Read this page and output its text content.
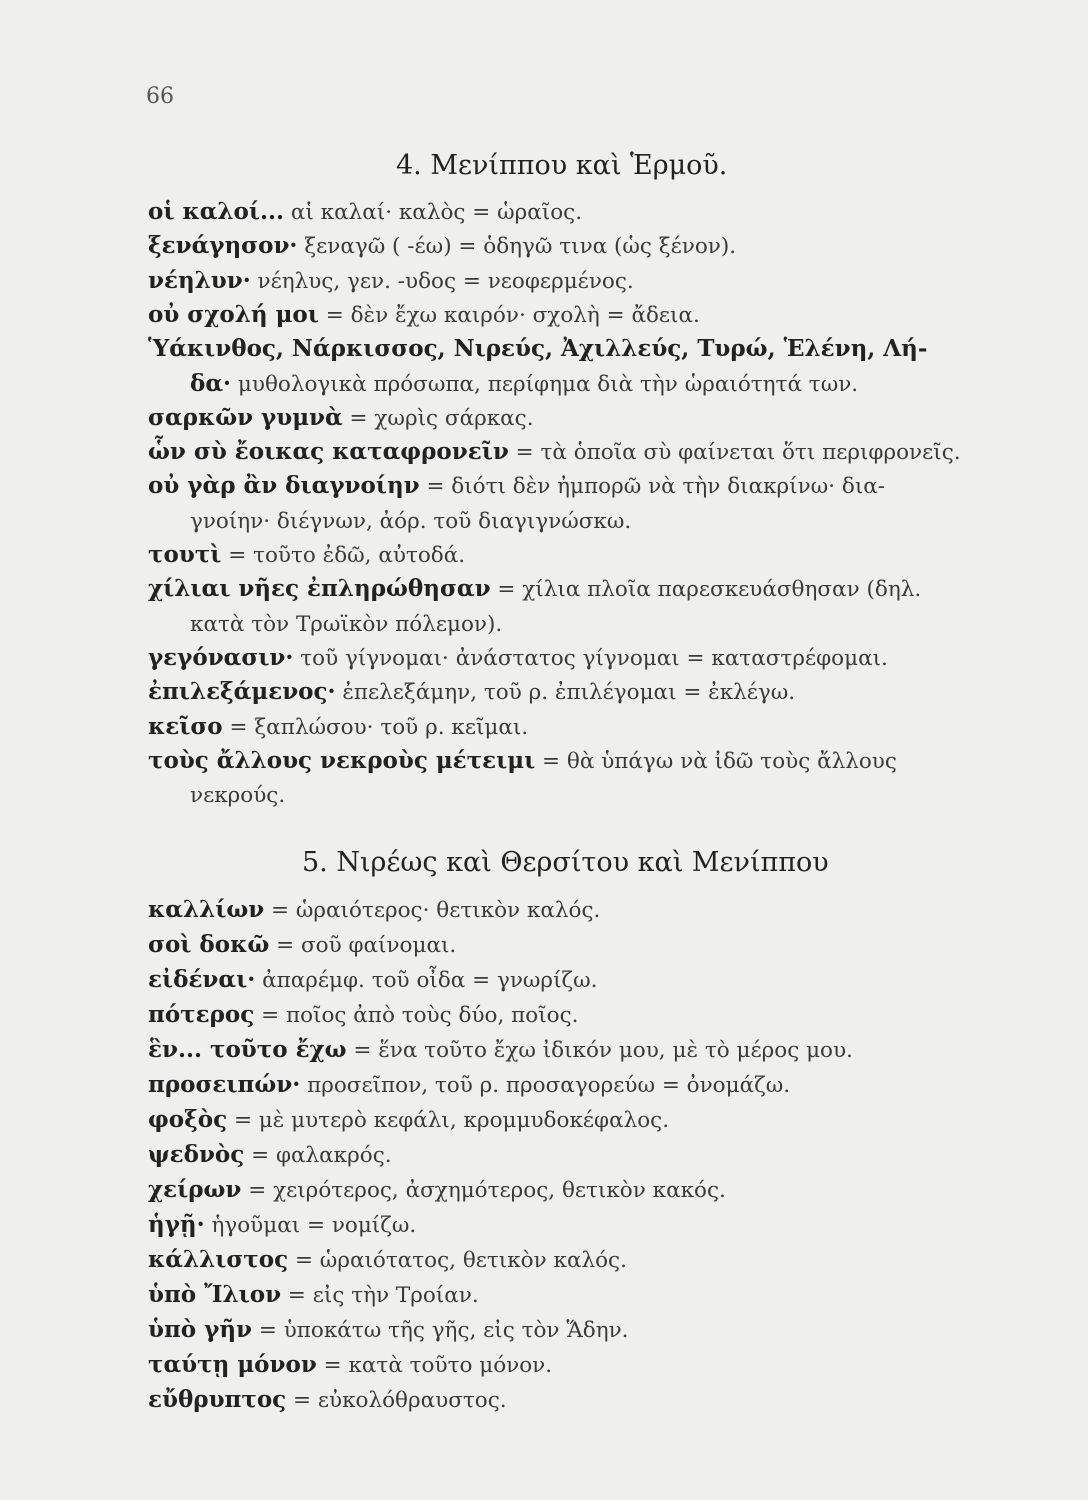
66
4. Μενίππου καὶ Ἑρμοῦ.
οἱ καλοί... αἱ καλαί· καλὸς = ὡραῖος.
ξενάγησον· ξεναγῶ ( -έω) = ὁδηγῶ τινα (ὡς ξένον).
νέηλυν· νέηλυς, γεν. -υδος = νεοφερμένος.
οὐ σχολή μοι = δὲν ἔχω καιρόν· σχολὴ = ἄδεια.
Ὑάκινθος, Νάρκισσος, Νιρεύς, Ἀχιλλεύς, Τυρώ, Ἑλένη, Λή-
δα· μυθολογικὰ πρόσωπα, περίφημα διὰ τὴν ὡραιότητά των.
σαρκῶν γυμνὰ = χωρὶς σάρκας.
ὧν σὺ ἔοικας καταφρονεῖν = τὰ ὁποῖα σὺ φαίνεται ὅτι περιφρονεῖς.
οὐ γὰρ ἂν διαγνοίην = διότι δὲν ἠμπορῶ νὰ τὴν διακρίνω· δια-
γνοίην· διέγνων, ἀόρ. τοῦ διαγιγνώσκω.
τουτὶ = τοῦτο ἐδῶ, αὐτοδά.
χίλιαι νῆες ἐπληρώθησαν = χίλια πλοῖα παρεσκευάσθησαν (δηλ.
κατὰ τὸν Τρωϊκὸν πόλεμον).
γεγόνασιν· τοῦ γίγνομαι· ἀνάστατος γίγνομαι = καταστρέφομαι.
ἐπιλεξάμενος· ἐπελεξάμην, τοῦ ρ. ἐπιλέγομαι = ἐκλέγω.
κεῖσο = ξαπλώσου· τοῦ ρ. κεῖμαι.
τοὺς ἄλλους νεκροὺς μέτειμι = θὰ ὑπάγω νὰ ἰδῶ τοὺς ἄλλους
νεκρούς.
5. Νιρέως καὶ Θερσίτου καὶ Μενίππου
καλλίων = ὡραιότερος· θετικὸν καλός.
σοὶ δοκῶ = σοῦ φαίνομαι.
εἰδέναι· ἀπαρέμφ. τοῦ οἶδα = γνωρίζω.
πότερος = ποῖος ἀπὸ τοὺς δύο, ποῖος.
ἓν... τοῦτο ἔχω = ἕνα τοῦτο ἔχω ἰδικόν μου, μὲ τὸ μέρος μου.
προσειπών· προσεῖπον, τοῦ ρ. προσαγορεύω = ὀνομάζω.
φοξὸς = μὲ μυτερὸ κεφάλι, κρομμυδοκέφαλος.
ψεδνὸς = φαλακρός.
χείρων = χειρότερος, ἀσχημότερος, θετικὸν κακός.
ἡγῇ· ἡγοῦμαι = νομίζω.
κάλλιστος = ὡραιότατος, θετικὸν καλός.
ὑπὸ Ἴλιον = εἰς τὴν Τροίαν.
ὑπὸ γῆν = ὑποκάτω τῆς γῆς, εἰς τὸν Ἅδην.
ταύτῃ μόνον = κατὰ τοῦτο μόνον.
εὔθρυπτος = εὐκολόθραυστος.
